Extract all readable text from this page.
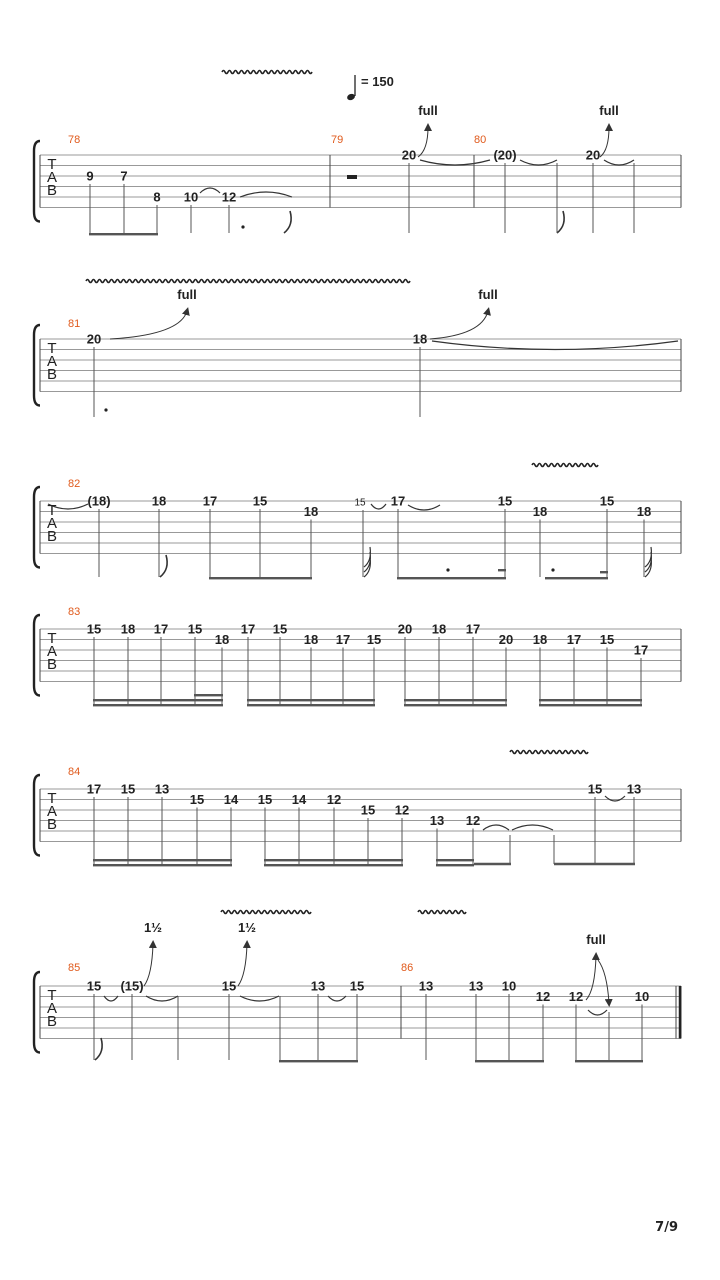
= 150
T
A
B
78
9 7
8 10 12
79
20
full
80
(20)	20
full
T
A
B
81
20
full
18
full
T
A
B
82
(18)	18	17	15
18
15 17	15
18
15
18
T
A
B
83
15 18 17 15
18
17 15
18 17 15
20 18 17
20 18 17 15
17
T
A
B
84
17 15 13
15 14 15 14 12
15 12
13 12
15 13
T
A
B
85
15 (15)
1½
15
1½
13 15
86
13	13 10
12 12
full
10
7/9
